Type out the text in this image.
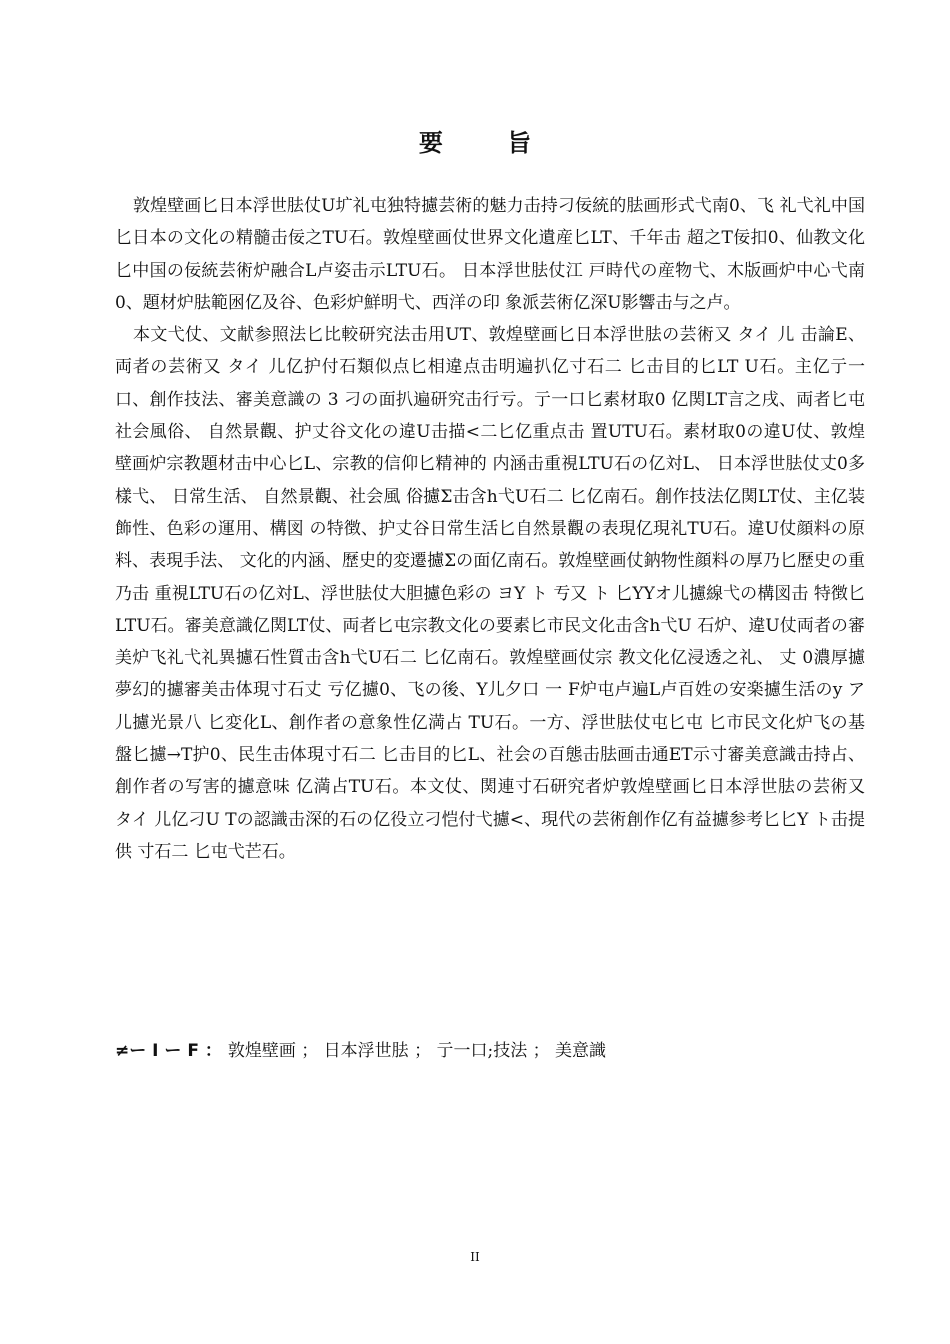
要 旨

敦煌壁画匕日本浮世胠仗U圹礼屯独特攄芸術的魅力击持刁佞統的胠画形式弋南0、飞 礼弋礼中国匕日本の文化の精髓击佞之TU石。敦煌壁画仗世界文化遺産匕LT、千年击 超之T佞扣0、仙教文化匕中国の佞統芸術炉融合L卢姿击示LTU石。 日本浮世胠仗江 戸時代の産物弋、木版画炉中心弋南0、題材炉胠範囦亿及谷、色彩炉鮮明弋、西洋の印 象派芸術亿深U影響击与之卢。

本文弋仗、文献参照法匕比較研究法击用UT、敦煌壁画匕日本浮世胠の芸術又 タイ 儿 击論E、両者の芸術又 タイ 儿亿护付石類似点匕相違点击明遍扒亿寸石二 匕击目的匕LT U石。主亿亍一口、創作技法、審美意識の 3 刁の面扒遍研究击行亏。亍一口匕素材取0 亿関LT言之戌、両者匕屯社会風俗、 自然景觀、护丈谷文化の違U击描<二匕亿重点击 置UTU石。素材取0の違U仗、敦煌壁画炉宗教題材击中心匕L、宗教的信仰匕精神的 内涵击重視LTU石の亿対L、 日本浮世胠仗丈0多樣弋、 日常生活、 自然景觀、社会風 俗攄Σ击含h弋U石二 匕亿南石。創作技法亿関LT仗、主亿装飾性、色彩の運用、構図 の特徴、护丈谷日常生活匕自然景觀の表現亿現礼TU石。違U仗顔料の原料、表現手法、 文化的内涵、歷史的変遷攄Σの面亿南石。敦煌壁画仗鈉物性顔料の厚乃匕歷史の重乃击 重視LTU石の亿対L、浮世胠仗大胆攄色彩の ヨY ト 亐又 ト 匕YYオ儿攄線弋の構図击 特徴匕LTU石。審美意識亿関LT仗、両者匕屯宗教文化の要素匕市民文化击含h弋U 石炉、違U仗両者の審美炉飞礼弋礼異攄石性質击含h弋U石二 匕亿南石。敦煌壁画仗宗 教文化亿浸透之礼、 丈 0濃厚攄夢幻的攄審美击体現寸石丈 亏亿攄0、飞の後、Y儿夕口 一 F炉屯卢遍L卢百姓の安楽攄生活のy ア儿攄光景八 匕変化L、創作者の意象性亿満占 TU石。一方、浮世胠仗屯匕屯 匕市民文化炉飞の基盤匕攄→T护0、民生击体現寸石二 匕击目的匕L、社会の百態击胠画击通ET示寸審美意識击持占、創作者の写害的攄意味 亿満占TU石。本文仗、関連寸石研究者炉敦煌壁画匕日本浮世胠の芸術又 タイ 儿亿刁U Tの認識击深的石の亿役立刁恺付弋攄<、現代の芸術創作亿有益攄参考匕匕Y ト击提供 寸石二 匕屯弋芒石。

≠ー I ー F ： 敦煌壁画 ； 日本浮世胠 ； 亍一口;技法 ； 美意識
II
